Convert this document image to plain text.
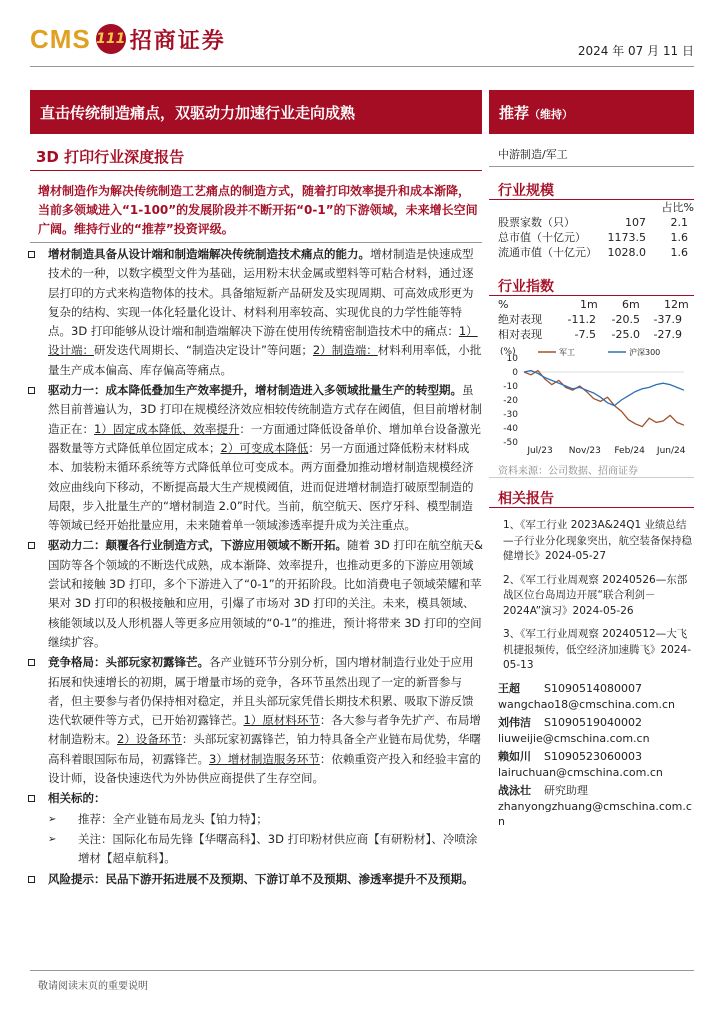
CMS 111 招商证券	2024 年 07 月 11 日
直击传统制造痛点，双驱动力加速行业走向成熟	推荐（维持）
3D 打印行业深度报告
增材制造作为解决传统制造工艺痛点的制造方式，随着打印效率提升和成本渐降，当前多领域进入“1-100”的发展阶段并不断开拓“0-1”的下游领域，未来增长空间广阔。维持行业的“推荐”投资评级。
增材制造具备从设计端和制造端解决传统制造技术痛点的能力。增材制造是快速成型技术的一种，以数字模型文件为基础，运用粉末状金属或塑料等可粘合材料，通过逐层打印的方式来构造物体的技术。具备缩短新产品研发及实现周期、可高效成形更为复杂的结构、实现一体化轻量化设计、材料利用率较高、实现优良的力学性能等特点。3D 打印能够从设计端和制造端解决下游在使用传统精密制造技术中的痛点：1）设计端：研发迭代周期长、“制造决定设计”等问题；2）制造端：材料利用率低，小批量生产成本偏高、库存偏高等痛点。
驱动力一：成本降低叠加生产效率提升，增材制造进入多领域批量生产的转型期。虽然目前普遍认为，3D 打印在规模经济效应相较传统制造方式存在阈值，但目前增材制造正在：1）固定成本降低、效率提升：一方面通过降低设备单价、增加单台设备激光器数量等方式降低单位固定成本；2）可变成本降低：另一方面通过降低粉末材料成本、加装粉末循环系统等方式降低单位可变成本。两方面叠加推动增材制造规模经济效应曲线向下移动，不断提高最大生产规模阈值，进而促进增材制造打破原型制造的局限，步入批量生产的“增材制造 2.0”时代。当前，航空航天、医疗牙科、模型制造等领域已经开始批量应用，未来随着单一领域渗透率提升成为关注重点。
驱动力二：颠覆各行业制造方式，下游应用领域不断开拓。随着 3D 打印在航空航天&国防等各个领域的不断迭代成熟，成本渐降、效率提升，也推动更多的下游应用领域尝试和接触 3D 打印，多个下游进入了“0-1”的开拓阶段。比如消费电子领域荣耀和苹果对 3D 打印的积极接触和应用，引爆了市场对 3D 打印的关注。未来，模具领域、核能领域以及人形机器人等更多应用领域的“0-1”的推进，预计将带来 3D 打印的空间继续扩容。
竞争格局：头部玩家初露锋芒。各产业链环节分别分析，国内增材制造行业处于应用拓展和快速增长的初期，属于增量市场的竞争，各环节虽然出现了一定的新晋参与者，但主要参与者仍保持相对稳定，并且头部玩家凭借长期技术积累、吸取下游反馈迭代软硬件等方式，已开始初露锋芒。1）原材料环节：各大参与者争先扩产、布局增材制造粉末。2）设备环节：头部玩家初露锋芒，铂力特具备全产业链布局优势，华曙高科着眼国际布局，初露锋芒。3）增材制造服务环节：依赖重资产投入和经验丰富的设计师，设备快速迭代为外协供应商提供了生存空间。
相关标的：
➢ 推荐：全产业链布局龙头【铂力特】；
➢ 关注：国际化布局先锋【华曙高科】、3D 打印粉材供应商【有研粉材】、冷喷涂增材【超卓航科】。
风险提示：民品下游开拓进展不及预期、下游订单不及预期、渗透率提升不及预期。
中游制造/军工
行业规模
占比%
股票家数（只）	107 2.1
总市值（十亿元） 1173.5 1.6
流通市值（十亿元） 1028.0 1.6
行业指数
%	1m 6m 12m
绝对表现 -11.2 -20.5 -37.9
相对表现	-7.5 -25.0 -27.9
(%)
10
0
-10
-20
-30
-40
-50
Jul/23 Nov/23 Feb/24 Jun/24
军工	沪深300
资料来源：公司数据、招商证券
相关报告
1、《军工行业 2023A&24Q1 业绩总结—子行业分化现象突出，航空装备保持稳健增长》2024-05-27
2、《军工行业周观察 20240526—东部战区位台岛周边开展“联合利剑－2024A”演习》2024-05-26
3、《军工行业周观察 20240512—大飞机捷报频传，低空经济加速腾飞》2024-05-13
王超 S1090514080007
wangchao18@cmschina.com.cn
刘伟洁 S1090519040002
liuweijie@cmschina.com.cn
赖如川 S1090523060003
lairuchuan@cmschina.com.cn
战泳壮 研究助理
zhanyongzhuang@cmschina.com.cn
敬请阅读末页的重要说明
